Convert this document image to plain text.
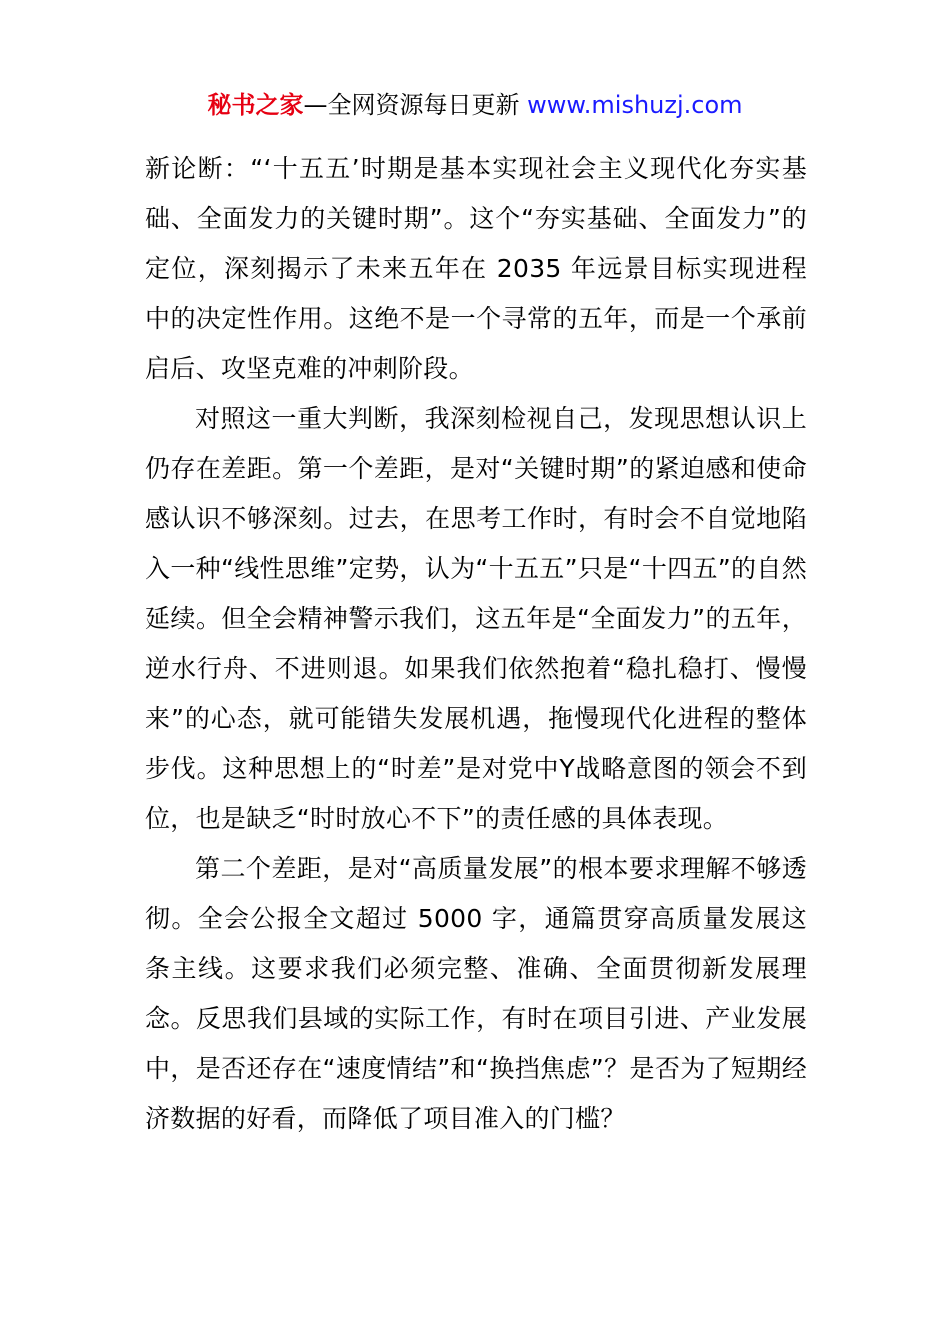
秘书之家—全网资源每日更新 www.mishuzj.com

新论断：“‘十五五’时期是基本实现社会主义现代化夯实基础、全面发力的关键时期”。这个“夯实基础、全面发力”的定位，深刻揭示了未来五年在 2035 年远景目标实现进程中的决定性作用。这绝不是一个寻常的五年，而是一个承前启后、攻坚克难的冲刺阶段。

对照这一重大判断，我深刻检视自己，发现思想认识上仍存在差距。第一个差距，是对“关键时期”的紧迫感和使命感认识不够深刻。过去，在思考工作时，有时会不自觉地陷入一种“线性思维”定势，认为“十五五”只是“十四五”的自然延续。但全会精神警示我们，这五年是“全面发力”的五年，逆水行舟、不进则退。如果我们依然抱着“稳扎稳打、慢慢来”的心态，就可能错失发展机遇，拖慢现代化进程的整体步伐。这种思想上的“时差”是对党中Y战略意图的领会不到位，也是缺乏“时时放心不下”的责任感的具体表现。

第二个差距，是对“高质量发展”的根本要求理解不够透彻。全会公报全文超过 5000 字，通篇贯穿高质量发展这条主线。这要求我们必须完整、准确、全面贯彻新发展理念。反思我们县域的实际工作，有时在项目引进、产业发展中，是否还存在“速度情结”和“换挡焦虑”？是否为了短期经济数据的好看，而降低了项目准入的门槛？
